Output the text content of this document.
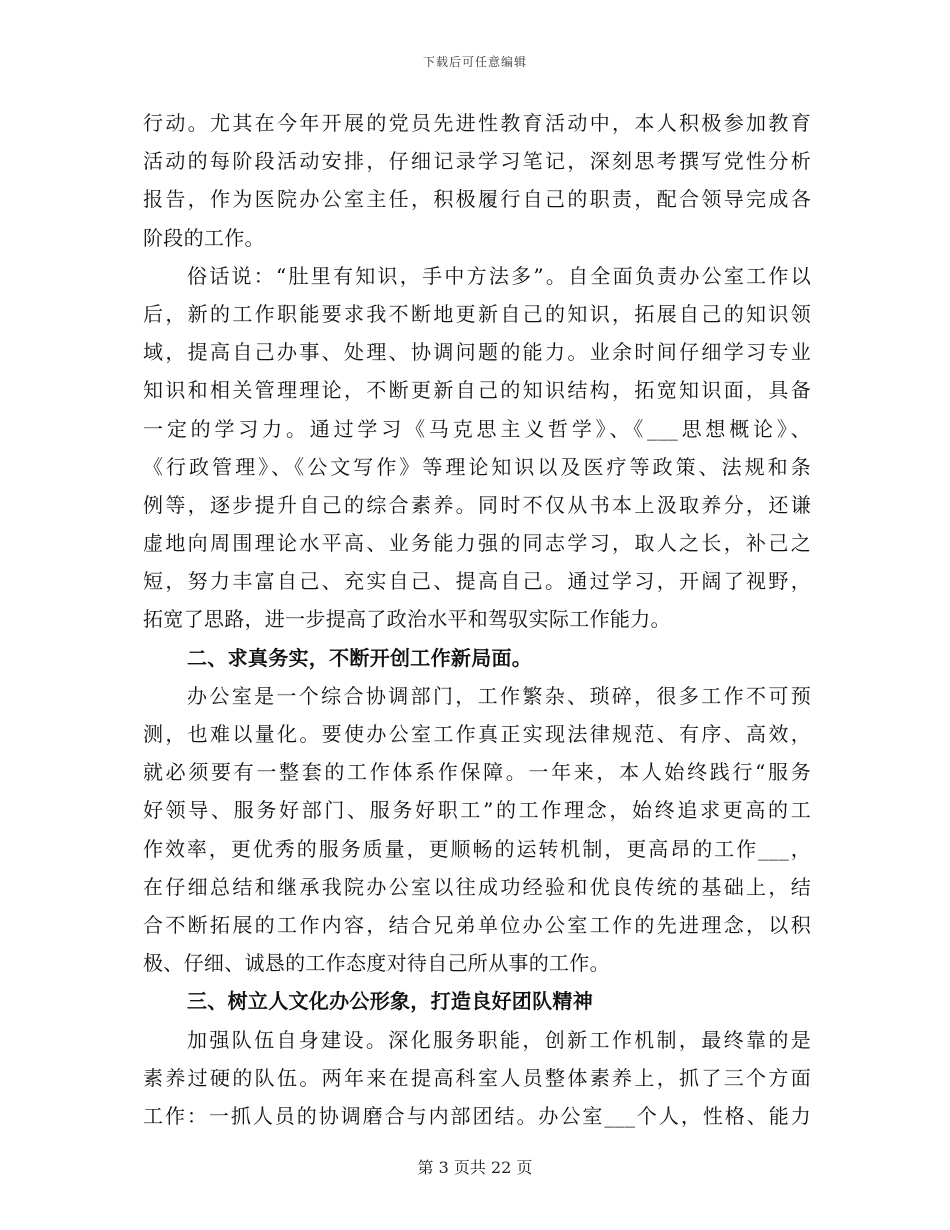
下载后可任意编辑
行动。尤其在今年开展的党员先进性教育活动中，本人积极参加教育
活动的每阶段活动安排，仔细记录学习笔记，深刻思考撰写党性分析
报告，作为医院办公室主任，积极履行自己的职责，配合领导完成各
阶段的工作。
俗话说：“肚里有知识，手中方法多”。自全面负责办公室工作以
后，新的工作职能要求我不断地更新自己的知识，拓展自己的知识领
域，提高自己办事、处理、协调问题的能力。业余时间仔细学习专业
知识和相关管理理论，不断更新自己的知识结构，拓宽知识面，具备
一定的学习力。通过学习《马克思主义哲学》、《___思想概论》、
《行政管理》、《公文写作》等理论知识以及医疗等政策、法规和条
例等，逐步提升自己的综合素养。同时不仅从书本上汲取养分，还谦
虚地向周围理论水平高、业务能力强的同志学习，取人之长，补己之
短，努力丰富自己、充实自己、提高自己。通过学习，开阔了视野，
拓宽了思路，进一步提高了政治水平和驾驭实际工作能力。
二、求真务实，不断开创工作新局面。
办公室是一个综合协调部门，工作繁杂、琐碎，很多工作不可预
测，也难以量化。要使办公室工作真正实现法律规范、有序、高效，
就必须要有一整套的工作体系作保障。一年来，本人始终践行“服务
好领导、服务好部门、服务好职工”的工作理念，始终追求更高的工
作效率，更优秀的服务质量，更顺畅的运转机制，更高昂的工作___，
在仔细总结和继承我院办公室以往成功经验和优良传统的基础上，结
合不断拓展的工作内容，结合兄弟单位办公室工作的先进理念，以积
极、仔细、诚恳的工作态度对待自己所从事的工作。
三、树立人文化办公形象，打造良好团队精神
加强队伍自身建设。深化服务职能，创新工作机制，最终靠的是
素养过硬的队伍。两年来在提高科室人员整体素养上，抓了三个方面
工作：一抓人员的协调磨合与内部团结。办公室___个人，性格、能力
第 3 页共 22 页
